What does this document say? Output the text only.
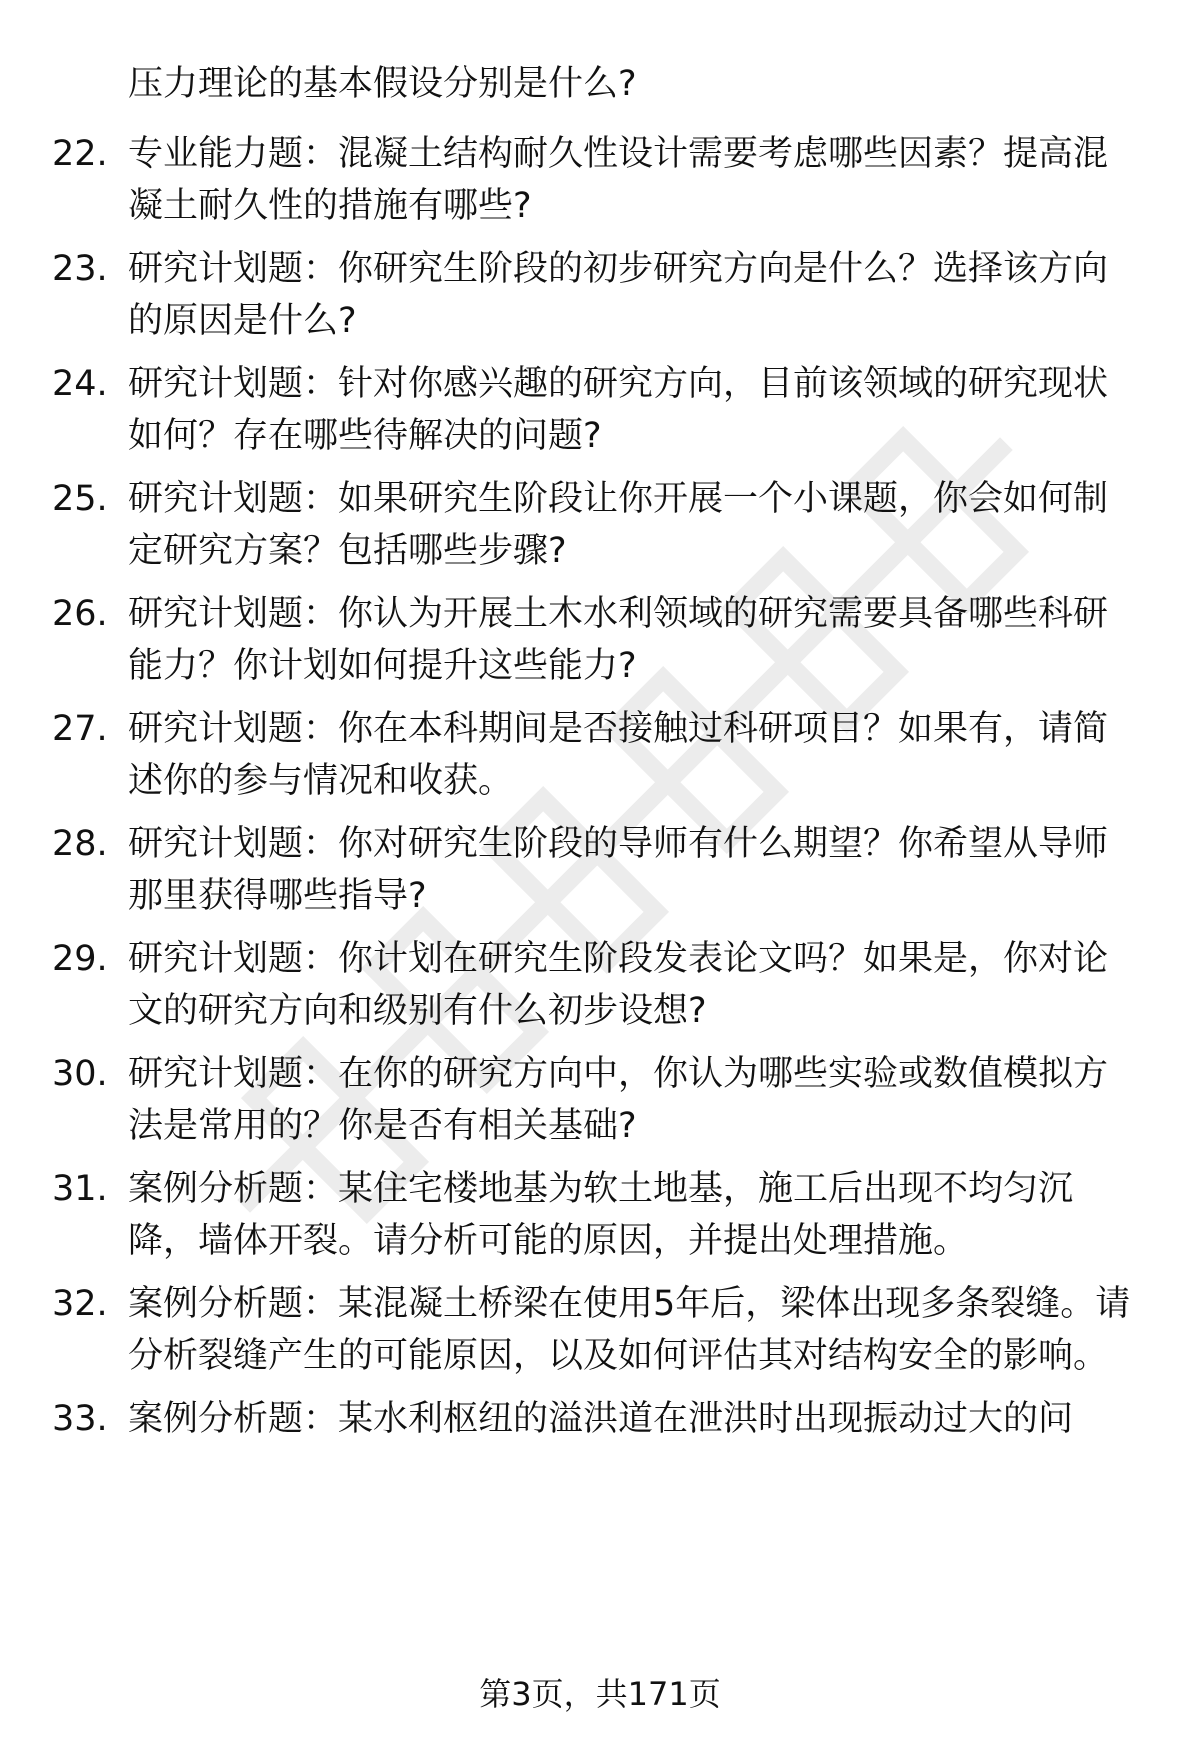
压力理论的基本假设分别是什么?
22. 专业能力题：混凝土结构耐久性设计需要考虑哪些因素？提高混
凝土耐久性的措施有哪些?
23. 研究计划题：你研究生阶段的初步研究方向是什么？选择该方向
的原因是什么?
24. 研究计划题：针对你感兴趣的研究方向，目前该领域的研究现状
如何？存在哪些待解决的问题?
25. 研究计划题：如果研究生阶段让你开展一个小课题，你会如何制
定研究方案？包括哪些步骤?
26. 研究计划题：你认为开展土木水利领域的研究需要具备哪些科研
能力？你计划如何提升这些能力?
27. 研究计划题：你在本科期间是否接触过科研项目？如果有，请简
述你的参与情况和收获。
28. 研究计划题：你对研究生阶段的导师有什么期望？你希望从导师
那里获得哪些指导?
29. 研究计划题：你计划在研究生阶段发表论文吗？如果是，你对论
文的研究方向和级别有什么初步设想?
30. 研究计划题：在你的研究方向中，你认为哪些实验或数值模拟方
法是常用的？你是否有相关基础?
31. 案例分析题：某住宅楼地基为软土地基，施工后出现不均匀沉
降，墙体开裂。请分析可能的原因，并提出处理措施。
32. 案例分析题：某混凝土桥梁在使用5年后，梁体出现多条裂缝。请
分析裂缝产生的可能原因，以及如何评估其对结构安全的影响。
33. 案例分析题：某水利枢纽的溢洪道在泄洪时出现振动过大的问
第3页，共171页
